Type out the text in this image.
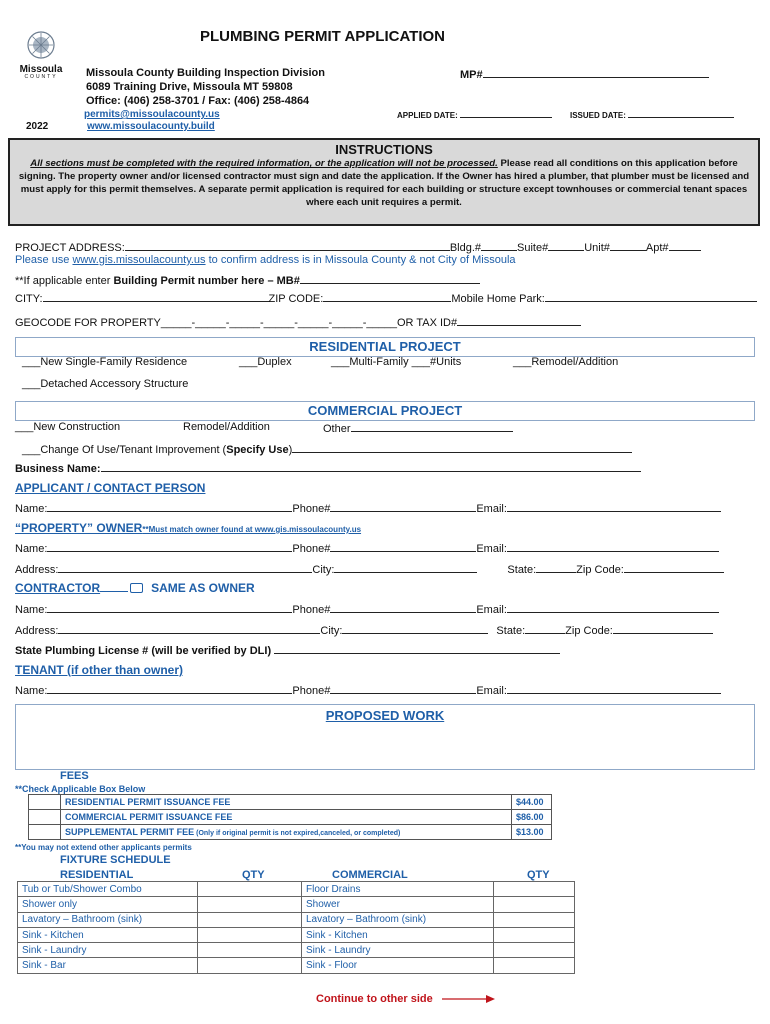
Missoula
COUNTY
PLUMBING PERMIT APPLICATION
Missoula County Building Inspection Division
6089 Training Drive, Missoula MT 59808
Office: (406) 258-3701 / Fax: (406) 258-4864
permits@missoulacounty.us
www.missoulacounty.build
2022
MP#
APPLIED DATE:	ISSUED DATE:
INSTRUCTIONS
All sections must be completed with the required information, or the application will not be processed. Please read all conditions on this application before signing. The property owner and/or licensed contractor must sign and date the application. If the Owner has hired a plumber, that plumber must be licensed and must apply for this permit themselves. A separate permit application is required for each building or structure except townhouses or commercial tenant spaces where each unit requires a permit.
PROJECT ADDRESS:	Bldg.#	Suite#	Unit#	Apt#
Please use www.gis.missoulacounty.us to confirm address is in Missoula County & not City of Missoula
**If applicable enter Building Permit number here – MB#
CITY:	ZIP CODE:	Mobile Home Park:
GEOCODE FOR PROPERTY_____-_____-_____-_____-_____-_____-_____OR TAX ID#
RESIDENTIAL PROJECT
___New Single-Family Residence	___Duplex	___Multi-Family ___#Units	___Remodel/Addition
___Detached Accessory Structure
COMMERCIAL PROJECT
___New Construction	Remodel/Addition	Other
___Change Of Use/Tenant Improvement (Specify Use)
Business Name:
APPLICANT / CONTACT PERSON
Name:	Phone#	Email:
“PROPERTY” OWNER**Must match owner found at www.gis.missoulacounty.us
Name:	Phone#	Email:
Address:	City:	State:	Zip Code:
CONTRACTOR	SAME AS OWNER
Name:	Phone#	Email:
Address:	City:	State:	Zip Code:
State Plumbing License # (will be verified by DLI)
TENANT (if other than owner)
Name:	Phone#	Email:
PROPOSED WORK
FEES
**Check Applicable Box Below
	RESIDENTIAL PERMIT ISSUANCE FEE	$44.00
	COMMERCIAL PERMIT ISSUANCE FEE	$86.00
	SUPPLEMENTAL PERMIT FEE (Only if original permit is not expired,canceled, or completed)	$13.00
**You may not extend other applicants permits
FIXTURE SCHEDULE
RESIDENTIAL	QTY	COMMERCIAL	QTY
Tub or Tub/Shower Combo		Floor Drains	
Shower only		Shower	
Lavatory – Bathroom (sink)		Lavatory – Bathroom (sink)	
Sink - Kitchen		Sink - Kitchen	
Sink - Laundry		Sink - Laundry	
Sink - Bar		Sink - Floor	
Continue to other side
